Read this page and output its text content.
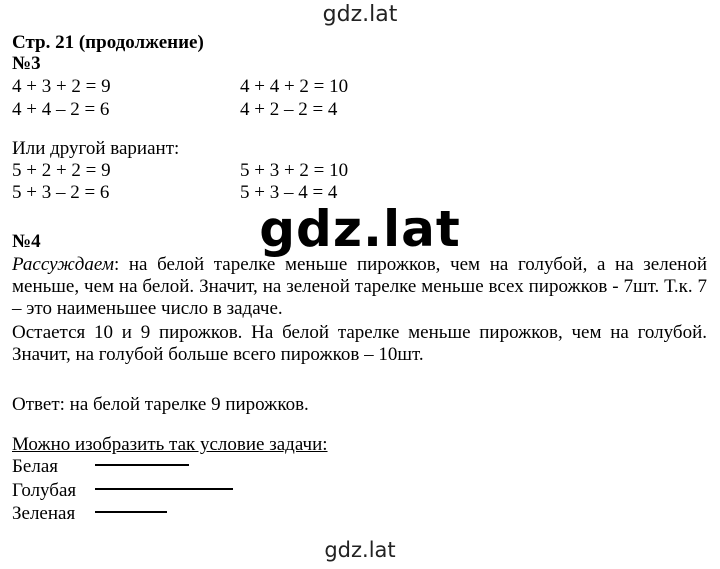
gdz.lat
Стр. 21 (продолжение)
№3
4 + 3 + 2 = 9	4 + 4 + 2 = 10
4 + 4 – 2 = 6	4 + 2 – 2 = 4
Или другой вариант:
5 + 2 + 2 = 9	5 + 3 + 2 = 10
5 + 3 – 2 = 6	5 + 3 – 4 = 4
gdz.lat
№4
Рассуждаем: на белой тарелке меньше пирожков, чем на голубой, а на зеленой меньше, чем на белой. Значит, на зеленой тарелке меньше всех пирожков - 7шт. Т.к. 7 – это наименьшее число в задаче.
Остается 10 и 9 пирожков. На белой тарелке меньше пирожков, чем на голубой. Значит, на голубой больше всего пирожков – 10шт.
Ответ: на белой тарелке 9 пирожков.
Можно изобразить так условие задачи:
Белая
Голубая
Зеленая
gdz.lat
